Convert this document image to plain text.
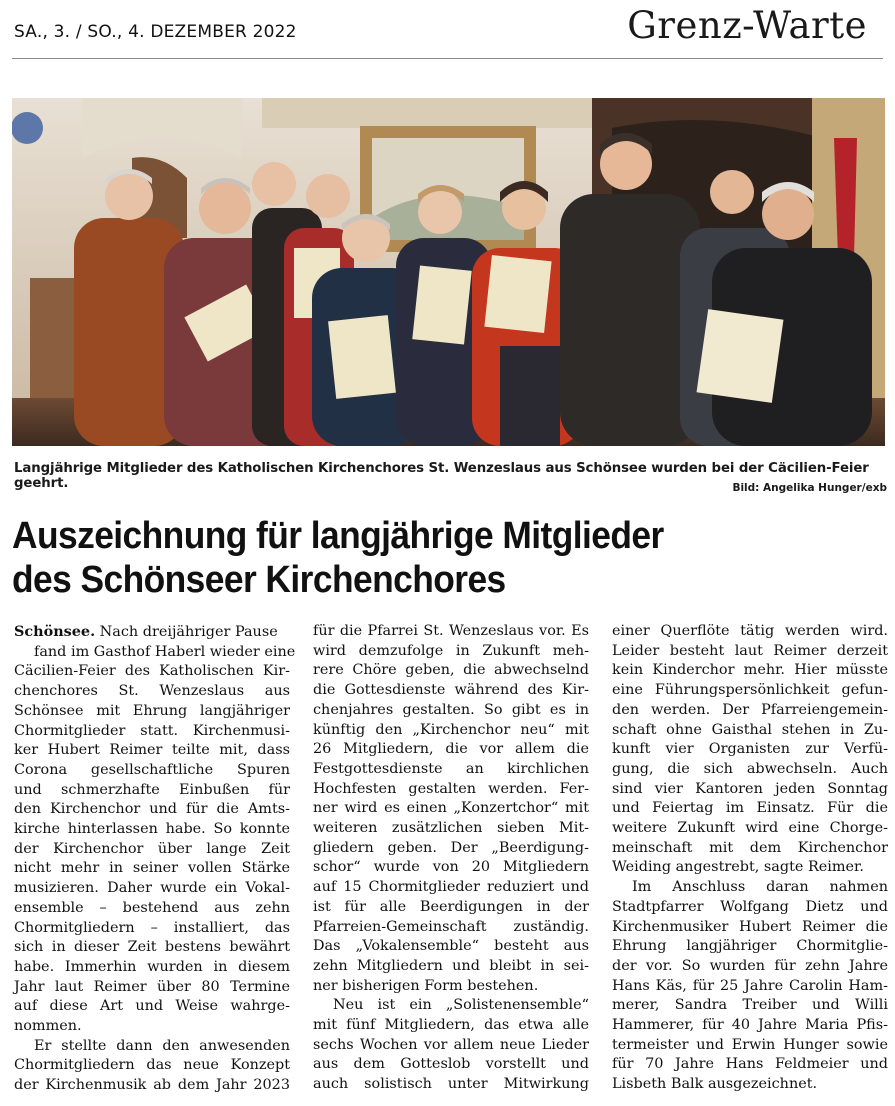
SA., 3. / SO., 4. DEZEMBER 2022	Grenz-Warte
Langjährige Mitglieder des Katholischen Kirchenchores St. Wenzeslaus aus Schönsee wurden bei der Cäcilien-Feier geehrt.	Bild: Angelika Hunger/exb
Auszeichnung für langjährige Mitglieder
des Schönseer Kirchenchores

Schönsee. Nach dreijähriger Pause

fand im Gasthof Haberl wieder eine
Cäcilien-Feier des Katholischen Kir-
chenchores St. Wenzeslaus aus
Schönsee mit Ehrung langjähriger
Chormitglieder statt. Kirchenmusi-
ker Hubert Reimer teilte mit, dass
Corona gesellschaftliche Spuren
und schmerzhafte Einbußen für
den Kirchenchor und für die Amts-
kirche hinterlassen habe. So konnte
der Kirchenchor über lange Zeit
nicht mehr in seiner vollen Stärke
musizieren. Daher wurde ein Vokal-
ensemble – bestehend aus zehn
Chormitgliedern – installiert, das
sich in dieser Zeit bestens bewährt
habe. Immerhin wurden in diesem
Jahr laut Reimer über 80 Termine
auf diese Art und Weise wahrge-
nommen.

Er stellte dann den anwesenden
Chormitgliedern das neue Konzept
der Kirchenmusik ab dem Jahr 2023

für die Pfarrei St. Wenzeslaus vor. Es
wird demzufolge in Zukunft meh-
rere Chöre geben, die abwechselnd
die Gottesdienste während des Kir-
chenjahres gestalten. So gibt es in
künftig den „Kirchenchor neu“ mit
26 Mitgliedern, die vor allem die
Festgottesdienste an kirchlichen
Hochfesten gestalten werden. Fer-
ner wird es einen „Konzertchor“ mit
weiteren zusätzlichen sieben Mit-
gliedern geben. Der „Beerdigung-
schor“ wurde von 20 Mitgliedern
auf 15 Chormitglieder reduziert und
ist für alle Beerdigungen in der
Pfarreien-Gemeinschaft zuständig.
Das „Vokalensemble“ besteht aus
zehn Mitgliedern und bleibt in sei-
ner bisherigen Form bestehen.

Neu ist ein „Solistenensemble“
mit fünf Mitgliedern, das etwa alle
sechs Wochen vor allem neue Lieder
aus dem Gotteslob vorstellt und
auch solistisch unter Mitwirkung

einer Querflöte tätig werden wird.
Leider besteht laut Reimer derzeit
kein Kinderchor mehr. Hier müsste
eine Führungspersönlichkeit gefun-
den werden. Der Pfarreiengemein-
schaft ohne Gaisthal stehen in Zu-
kunft vier Organisten zur Verfü-
gung, die sich abwechseln. Auch
sind vier Kantoren jeden Sonntag
und Feiertag im Einsatz. Für die
weitere Zukunft wird eine Chorge-
meinschaft mit dem Kirchenchor
Weiding angestrebt, sagte Reimer.

Im Anschluss daran nahmen
Stadtpfarrer Wolfgang Dietz und
Kirchenmusiker Hubert Reimer die
Ehrung langjähriger Chormitglie-
der vor. So wurden für zehn Jahre
Hans Käs, für 25 Jahre Carolin Ham-
merer, Sandra Treiber und Willi
Hammerer, für 40 Jahre Maria Pfis-
termeister und Erwin Hunger sowie
für 70 Jahre Hans Feldmeier und
Lisbeth Balk ausgezeichnet.
